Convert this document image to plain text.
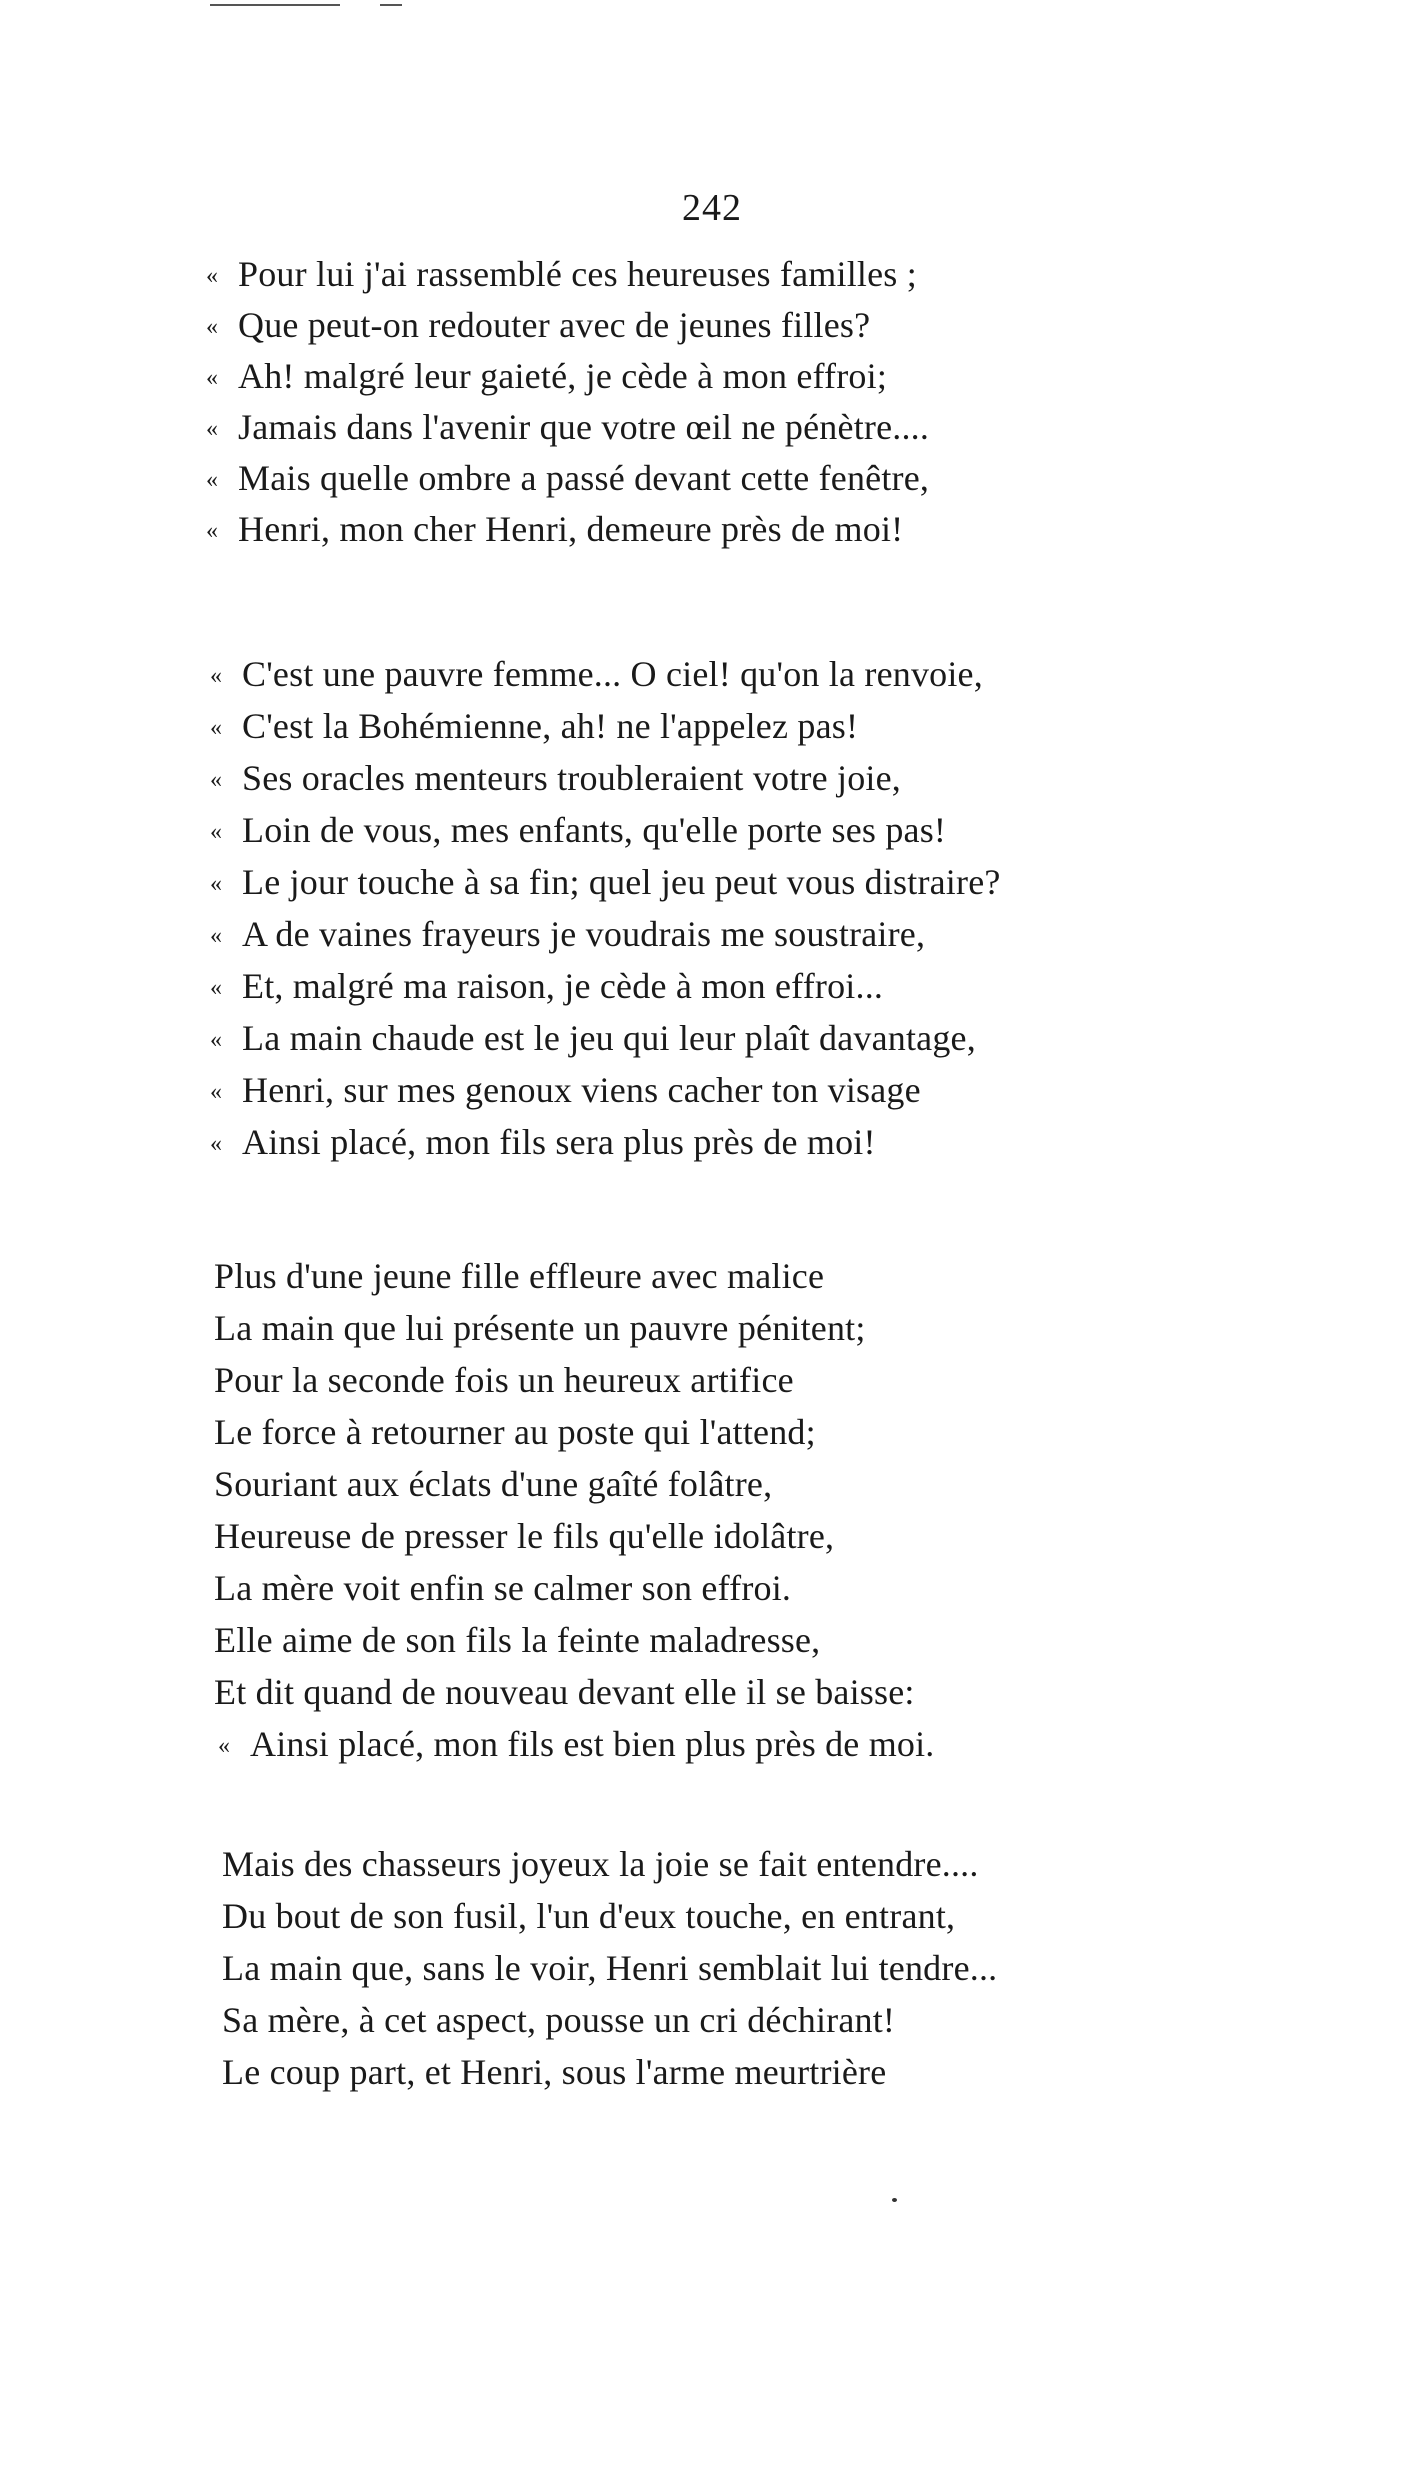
242
« Pour lui j'ai rassemblé ces heureuses familles ;
« Que peut-on redouter avec de jeunes filles?
« Ah! malgré leur gaieté, je cède à mon effroi;
« Jamais dans l'avenir que votre œil ne pénètre....
« Mais quelle ombre a passé devant cette fenêtre,
« Henri, mon cher Henri, demeure près de moi!
« C'est une pauvre femme... O ciel! qu'on la renvoie,
« C'est la Bohémienne, ah! ne l'appelez pas!
« Ses oracles menteurs troubleraient votre joie,
« Loin de vous, mes enfants, qu'elle porte ses pas!
« Le jour touche à sa fin; quel jeu peut vous distraire?
« A de vaines frayeurs je voudrais me soustraire,
« Et, malgré ma raison, je cède à mon effroi...
« La main chaude est le jeu qui leur plaît davantage,
« Henri, sur mes genoux viens cacher ton visage
« Ainsi placé, mon fils sera plus près de moi!
Plus d'une jeune fille effleure avec malice
La main que lui présente un pauvre pénitent;
Pour la seconde fois un heureux artifice
Le force à retourner au poste qui l'attend;
Souriant aux éclats d'une gaîté folâtre,
Heureuse de presser le fils qu'elle idolâtre,
La mère voit enfin se calmer son effroi.
Elle aime de son fils la feinte maladresse,
Et dit quand de nouveau devant elle il se baisse:
« Ainsi placé, mon fils est bien plus près de moi.
Mais des chasseurs joyeux la joie se fait entendre....
Du bout de son fusil, l'un d'eux touche, en entrant,
La main que, sans le voir, Henri semblait lui tendre...
Sa mère, à cet aspect, pousse un cri déchirant!
Le coup part, et Henri, sous l'arme meurtrière
